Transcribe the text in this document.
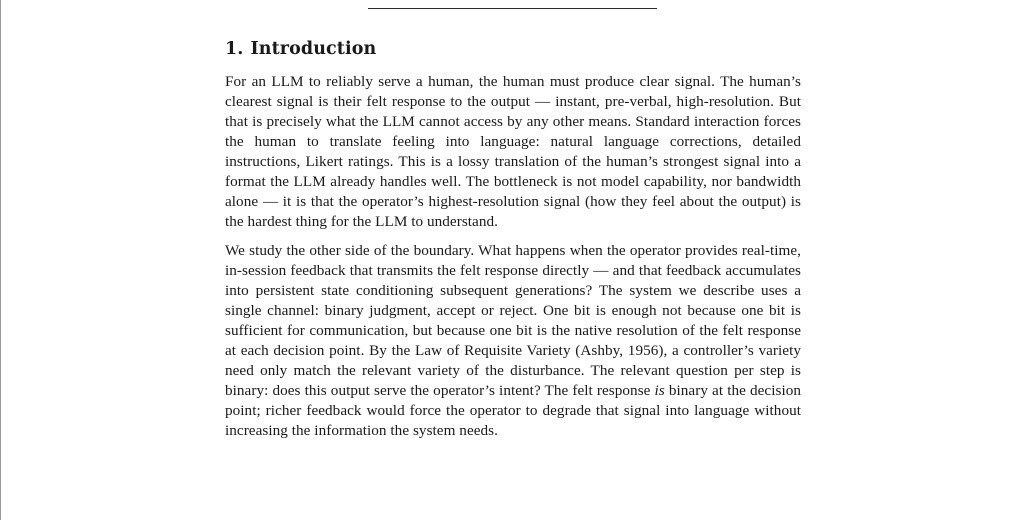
1. Introduction

For an LLM to reliably serve a human, the human must produce clear signal. The human’s clearest signal is their felt response to the output — instant, pre-verbal, high-resolution. But that is precisely what the LLM cannot access by any other means. Standard interaction forces the human to translate feeling into language: natural language corrections, detailed instructions, Likert ratings. This is a lossy translation of the human’s strongest signal into a format the LLM already handles well. The bottleneck is not model capability, nor bandwidth alone — it is that the operator’s highest-resolution signal (how they feel about the output) is the hardest thing for the LLM to understand.

We study the other side of the boundary. What happens when the operator provides real-time, in-session feedback that transmits the felt response directly — and that feedback accumulates into persistent state conditioning subsequent generations? The system we describe uses a single channel: binary judgment, accept or reject. One bit is enough not because one bit is sufficient for communication, but because one bit is the native resolution of the felt response at each decision point. By the Law of Requisite Variety (Ashby, 1956), a controller’s variety need only match the relevant variety of the disturbance. The relevant question per step is binary: does this output serve the operator’s intent? The felt response is binary at the decision point; richer feedback would force the operator to degrade that signal into language without increasing the information the system needs.
